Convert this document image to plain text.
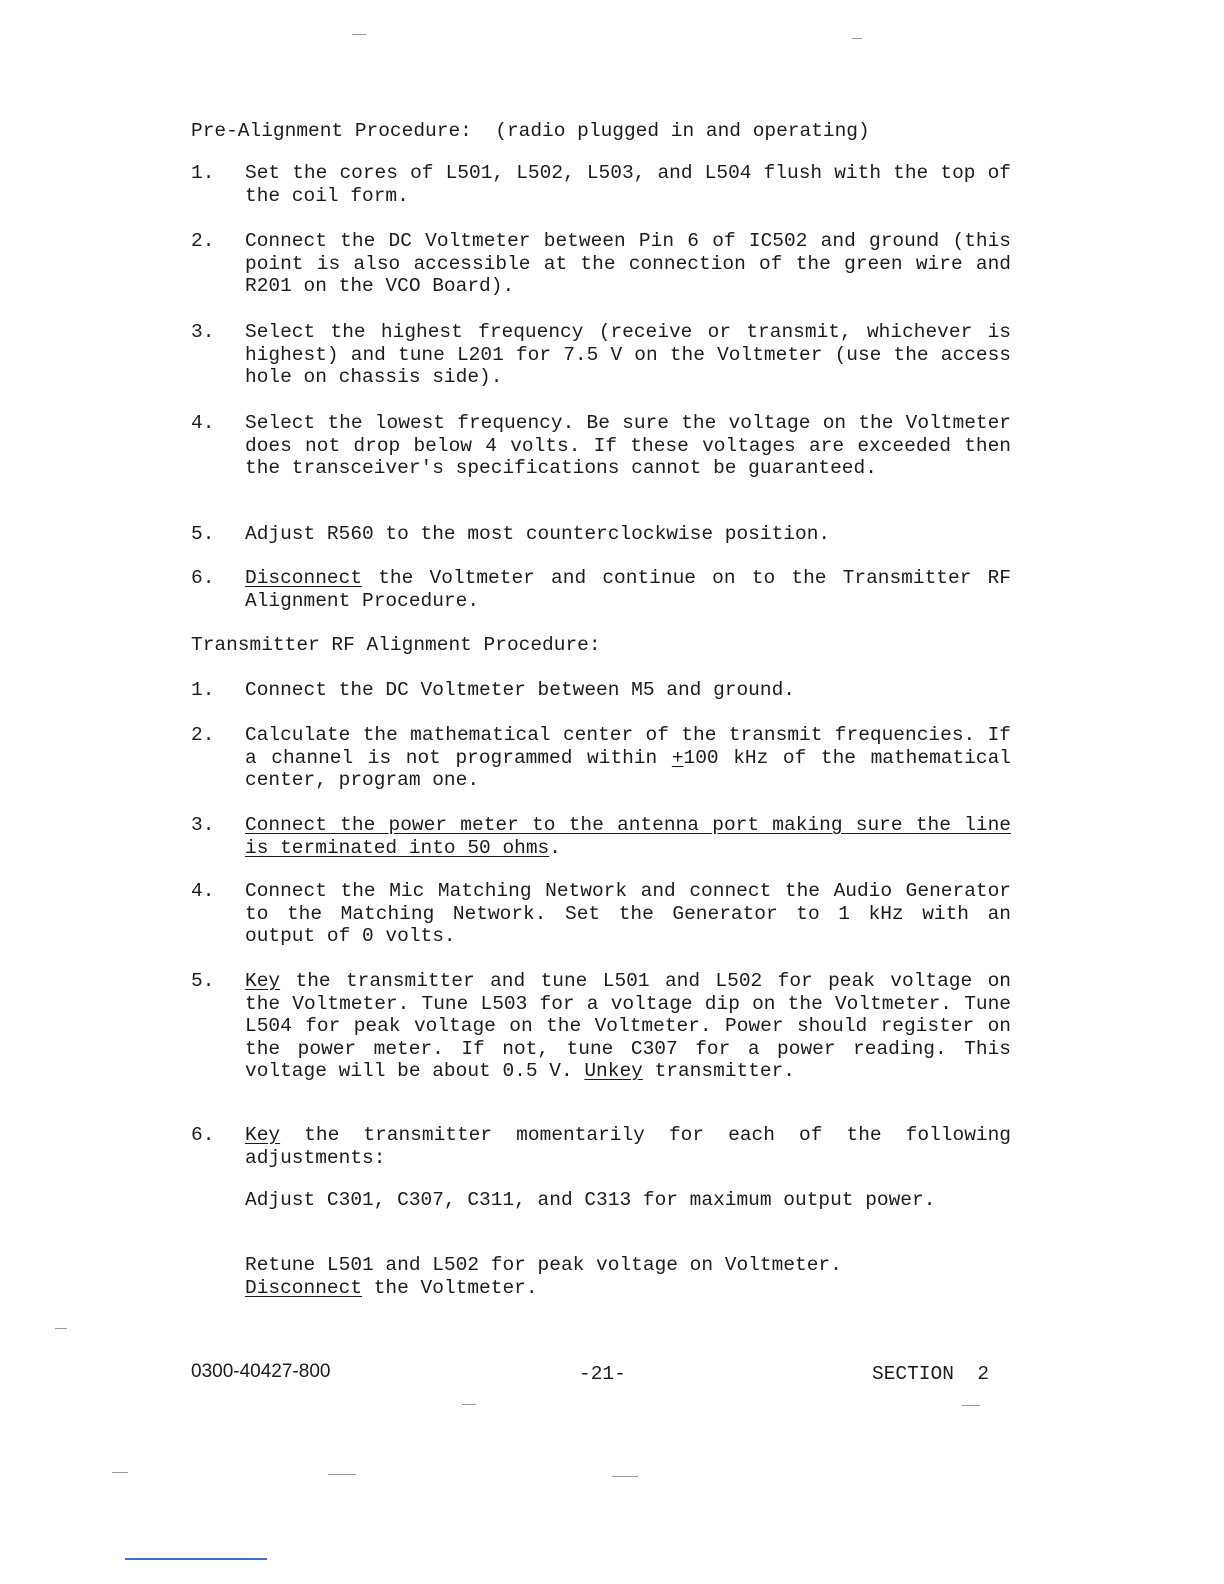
Pre-Alignment Procedure:  (radio plugged in and operating)
1.	Set the cores of L501, L502, L503, and L504 flush with the top of the coil form.
2.	Connect the DC Voltmeter between Pin 6 of IC502 and ground (this point is also accessible at the connection of the green wire and R201 on the VCO Board).
3.	Select the highest frequency (receive or transmit, whichever is highest) and tune L201 for 7.5 V on the Voltmeter (use the access hole on chassis side).
4.	Select the lowest frequency. Be sure the voltage on the Voltmeter does not drop below 4 volts. If these voltages are exceeded then the transceiver's specifications cannot be guaranteed.
5.	Adjust R560 to the most counterclockwise position.
6.	Disconnect the Voltmeter and continue on to the Transmitter RF Alignment Procedure.
Transmitter RF Alignment Procedure:
1.	Connect the DC Voltmeter between M5 and ground.
2.	Calculate the mathematical center of the transmit frequencies. If a channel is not programmed within +100 kHz of the mathematical center, program one.
3.	Connect the power meter to the antenna port making sure the line is terminated into 50 ohms.
4.	Connect the Mic Matching Network and connect the Audio Generator to the Matching Network. Set the Generator to 1 kHz with an output of 0 volts.
5.	Key the transmitter and tune L501 and L502 for peak voltage on the Voltmeter. Tune L503 for a voltage dip on the Voltmeter. Tune L504 for peak voltage on the Voltmeter. Power should register on the power meter. If not, tune C307 for a power reading. This voltage will be about 0.5 V. Unkey transmitter.
6.	Key the transmitter momentarily for each of the following adjustments:
Adjust C301, C307, C311, and C313 for maximum output power.
Retune L501 and L502 for peak voltage on Voltmeter.
Disconnect the Voltmeter.
0300-40427-800	-21-	SECTION  2
